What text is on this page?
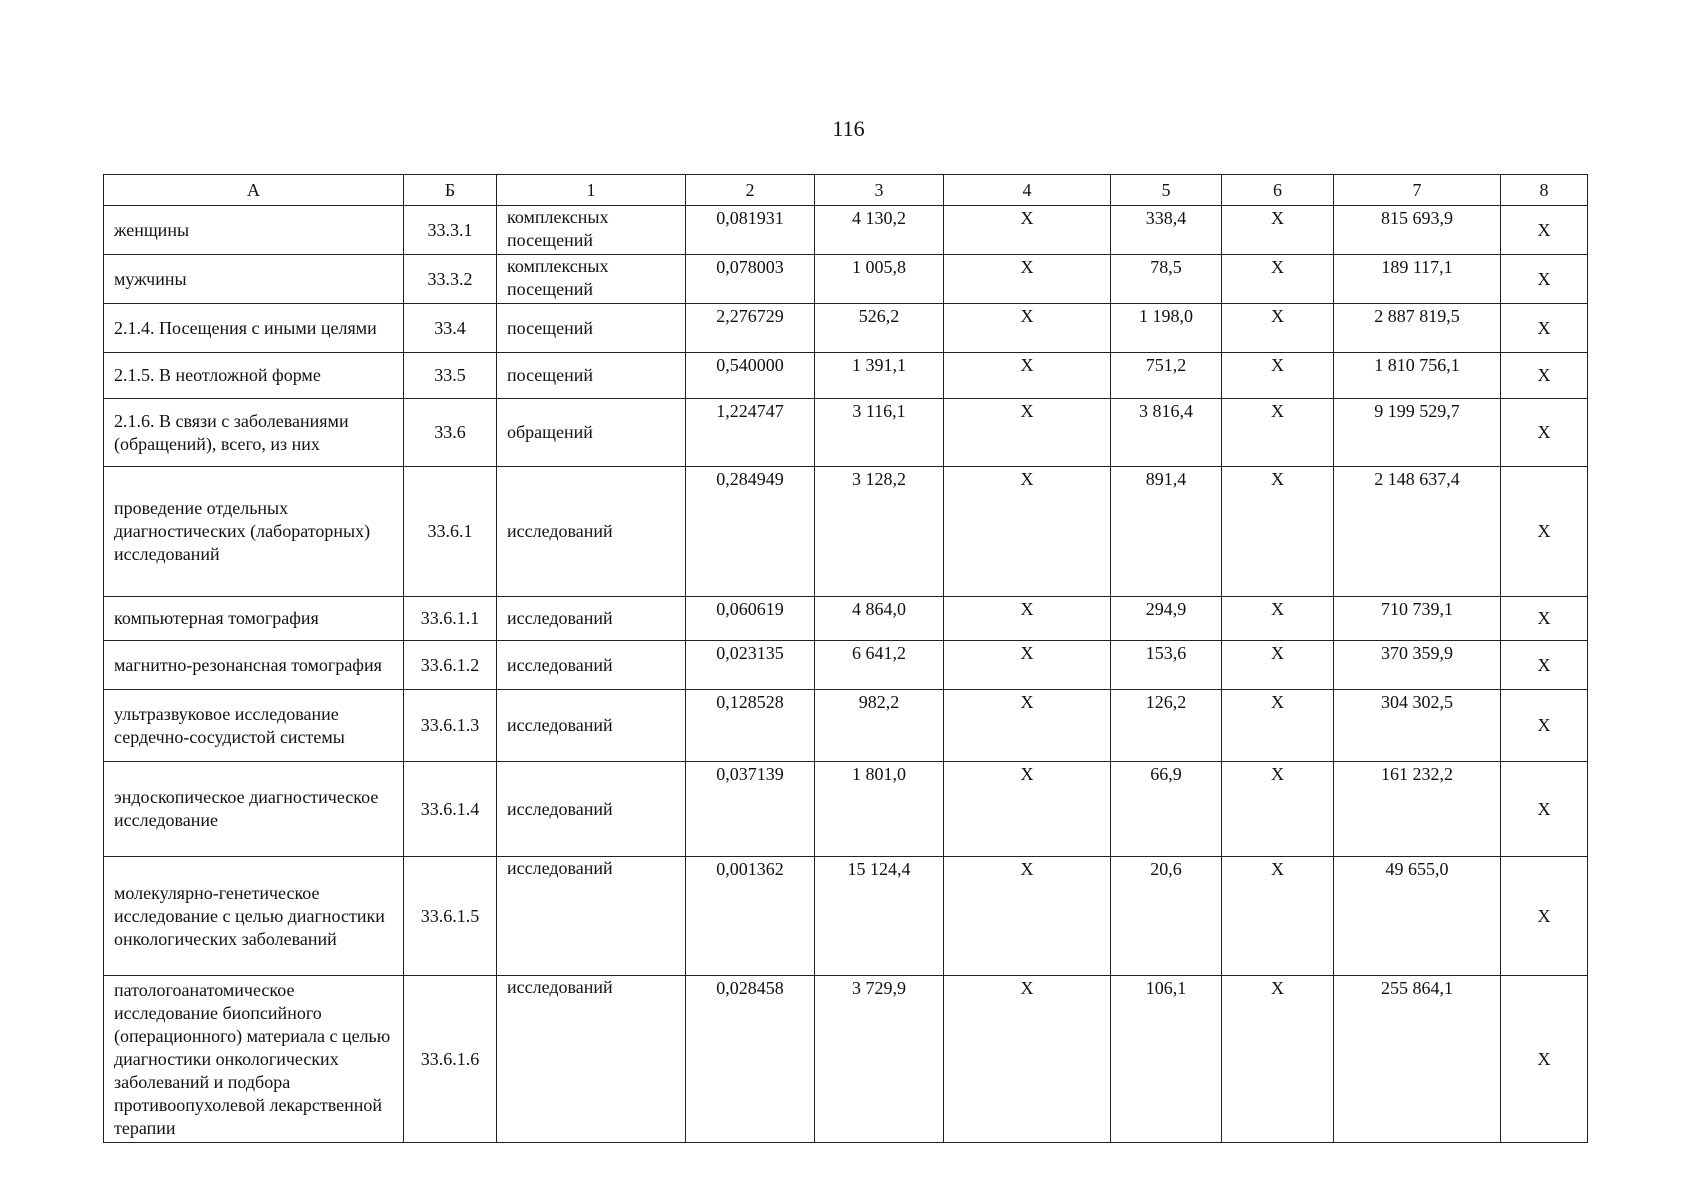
116
А	Б	1	2	3	4	5	6	7	8
женщины	33.3.1	комплексных посещений	0,081931	4 130,2	Х	338,4	Х	815 693,9	Х
мужчины	33.3.2	комплексных посещений	0,078003	1 005,8	Х	78,5	Х	189 117,1	Х
2.1.4. Посещения с иными целями	33.4	посещений	2,276729	526,2	Х	1 198,0	Х	2 887 819,5	Х
2.1.5. В неотложной форме	33.5	посещений	0,540000	1 391,1	Х	751,2	Х	1 810 756,1	Х
2.1.6. В связи с заболеваниями (обращений), всего, из них	33.6	обращений	1,224747	3 116,1	Х	3 816,4	Х	9 199 529,7	Х
проведение отдельных диагностических (лабораторных) исследований	33.6.1	исследований	0,284949	3 128,2	Х	891,4	Х	2 148 637,4	Х
компьютерная томография	33.6.1.1	исследований	0,060619	4 864,0	Х	294,9	Х	710 739,1	Х
магнитно-резонансная томография	33.6.1.2	исследований	0,023135	6 641,2	Х	153,6	Х	370 359,9	Х
ультразвуковое исследование сердечно-сосудистой системы	33.6.1.3	исследований	0,128528	982,2	Х	126,2	Х	304 302,5	Х
эндоскопическое диагностическое исследование	33.6.1.4	исследований	0,037139	1 801,0	Х	66,9	Х	161 232,2	Х
молекулярно-генетическое исследование с целью диагностики онкологических заболеваний	33.6.1.5	исследований	0,001362	15 124,4	Х	20,6	Х	49 655,0	Х
патологоанатомическое исследование биопсийного (операционного) материала с целью диагностики онкологических заболеваний и подбора противоопухолевой лекарственной терапии	33.6.1.6	исследований	0,028458	3 729,9	Х	106,1	Х	255 864,1	Х
